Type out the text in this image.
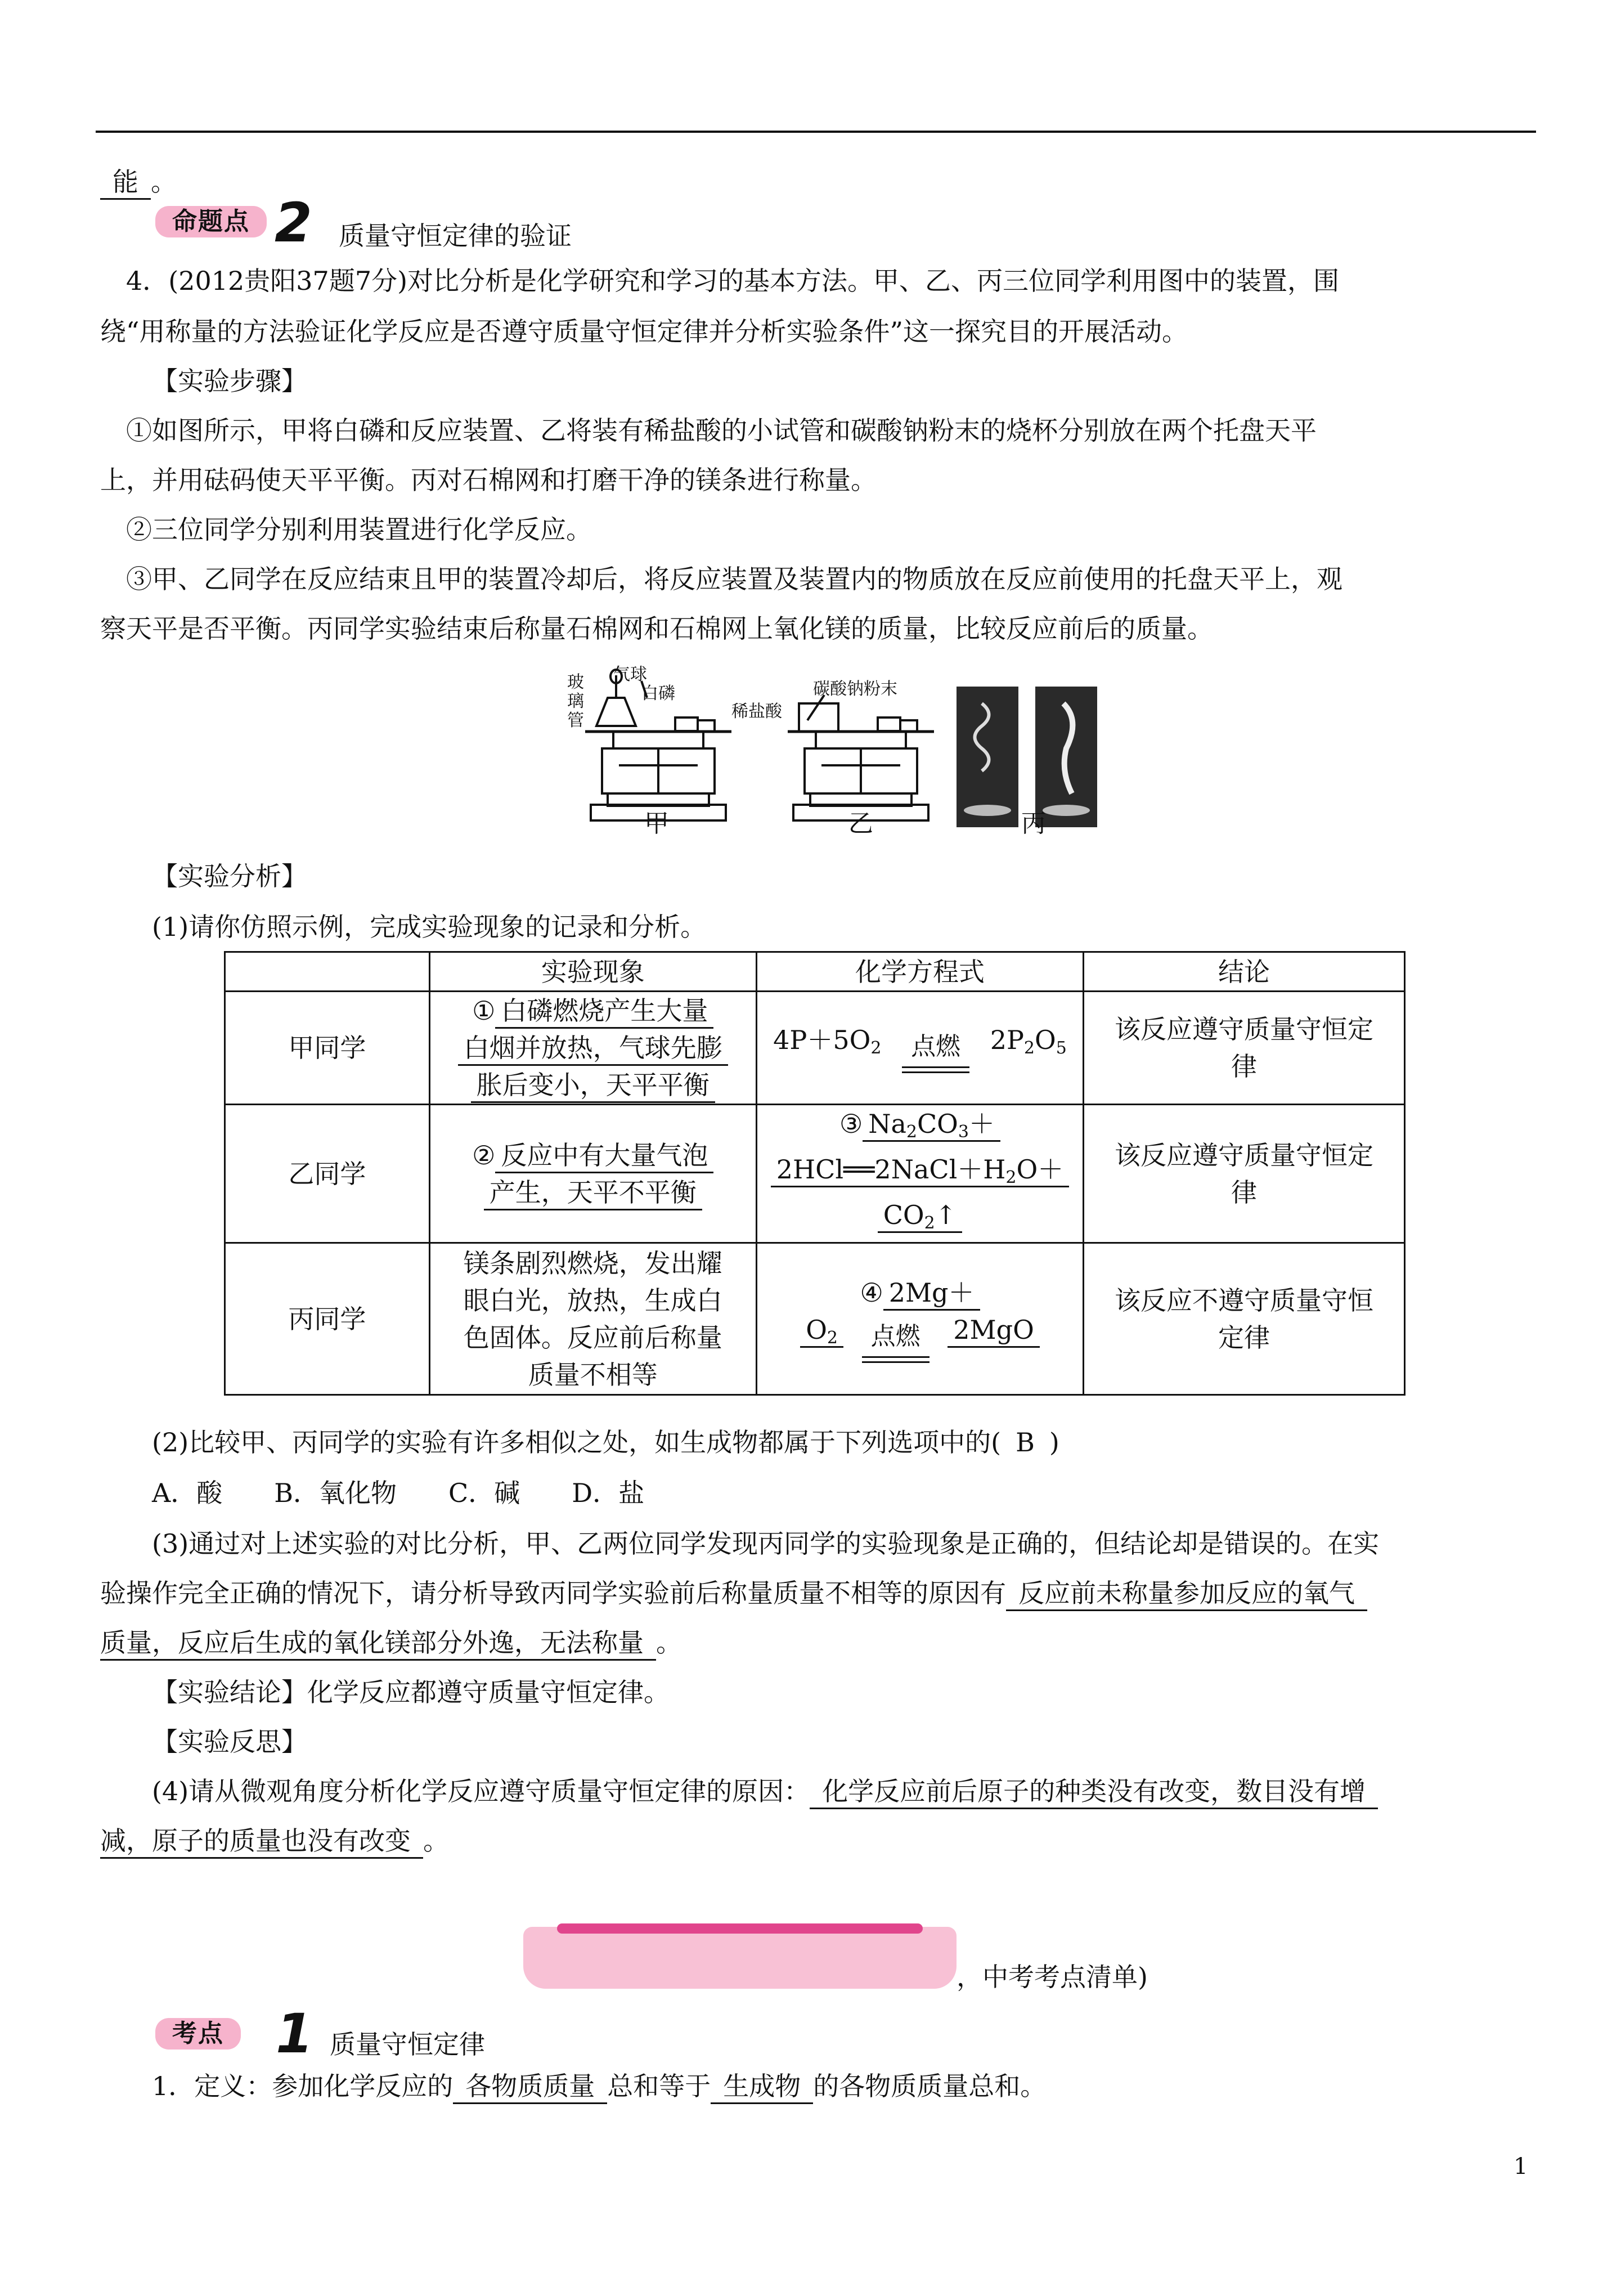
能 。
命题点 2 质量守恒定律的验证
4．(2012贵阳37题7分)对比分析是化学研究和学习的基本方法。甲、乙、丙三位同学利用图中的装置，围
绕“用称量的方法验证化学反应是否遵守质量守恒定律并分析实验条件”这一探究目的开展活动。
【实验步骤】
①如图所示，甲将白磷和反应装置、乙将装有稀盐酸的小试管和碳酸钠粉末的烧杯分别放在两个托盘天平
上，并用砝码使天平平衡。丙对石棉网和打磨干净的镁条进行称量。
②三位同学分别利用装置进行化学反应。
③甲、乙同学在反应结束且甲的装置冷却后，将反应装置及装置内的物质放在反应前使用的托盘天平上，观
察天平是否平衡。丙同学实验结束后称量石棉网和石棉网上氧化镁的质量，比较反应前后的质量。
玻
璃
管
气球
白磷
稀盐酸
碳酸钠粉末
甲	乙	丙
【实验分析】
(1)请你仿照示例，完成实验现象的记录和分析。
	实验现象	化学方程式	结论
甲同学	① 白磷燃烧产生大量
白烟并放热，气球先膨
胀后变小，天平平衡	$4P+5O_2$ 点燃 $2P_2O_5$	该反应遵守质量守恒定
律
乙同学	② 反应中有大量气泡
产生，天平不平衡	③ $Na_2CO_3+$
$2HCl══2NaCl+H_2O+$
$CO_2↑$	该反应遵守质量守恒定
律
丙同学	镁条剧烈燃烧，发出耀
眼白光，放热，生成白
色固体。反应前后称量
质量不相等	④ 2Mg＋
$O_2$ 点燃 2MgO	该反应不遵守质量守恒
定律
(2)比较甲、丙同学的实验有许多相似之处，如生成物都属于下列选项中的( B )
A．酸　　B．氧化物　　C．碱　　D．盐
(3)通过对上述实验的对比分析，甲、乙两位同学发现丙同学的实验现象是正确的，但结论却是错误的。在实
验操作完全正确的情况下，请分析导致丙同学实验前后称量质量不相等的原因有 反应前未称量参加反应的氧气
质量，反应后生成的氧化镁部分外逸，无法称量 。
【实验结论】化学反应都遵守质量守恒定律。
【实验反思】
(4)请从微观角度分析化学反应遵守质量守恒定律的原因： 化学反应前后原子的种类没有改变，数目没有增
减，原子的质量也没有改变 。
，中考考点清单)
考点 1 质量守恒定律
1．定义：参加化学反应的 各物质质量 总和等于 生成物 的各物质质量总和。
1
